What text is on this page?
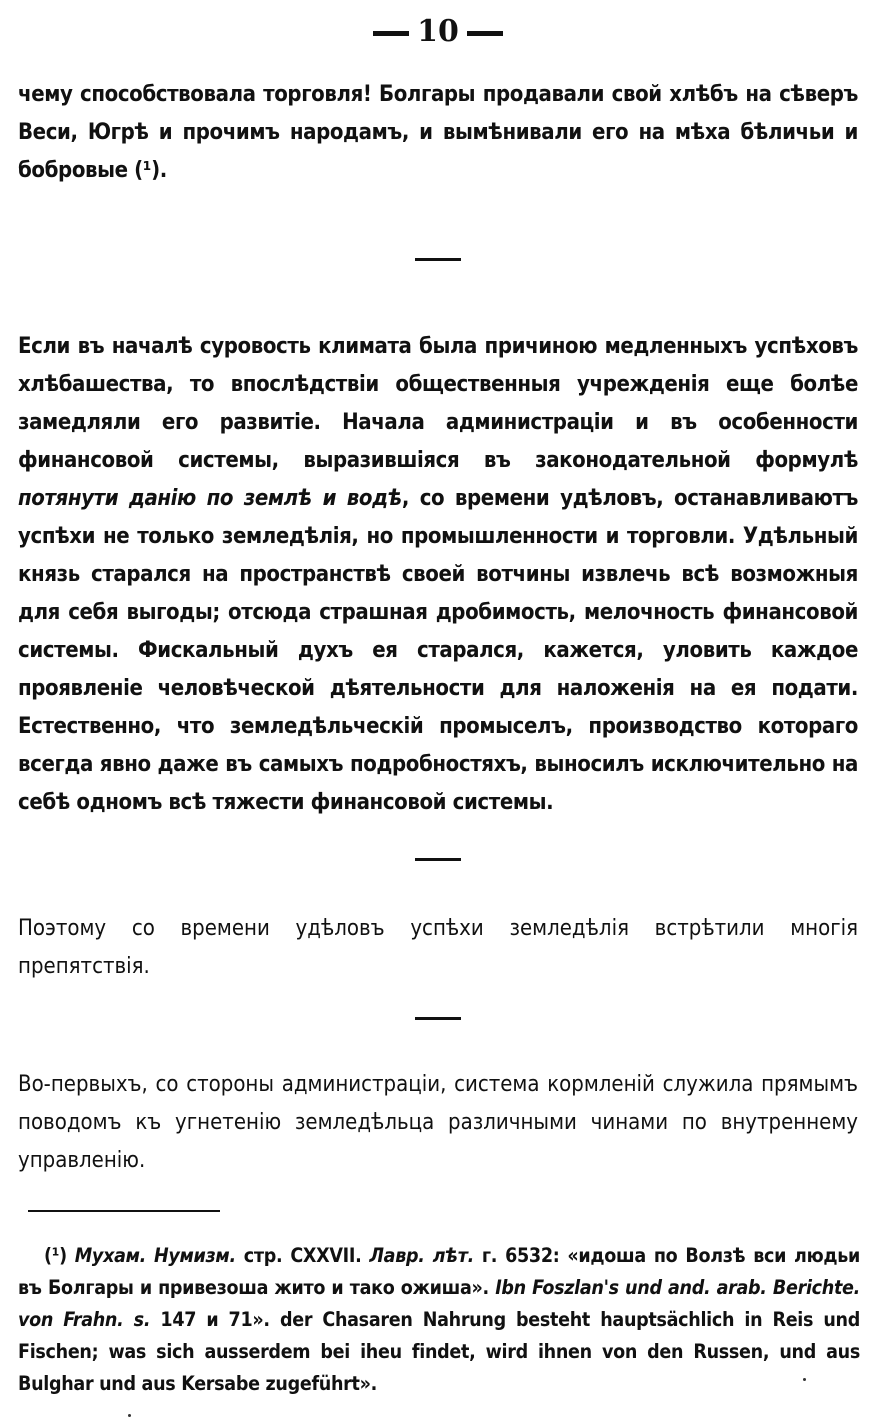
10

чему способствовала торговля! Болгары продавали свой хлѣбъ на сѣверъ Веси, Югрѣ и прочимъ народамъ, и вымѣнивали его на мѣха бѣличьи и бобровые (¹).

Если въ началѣ суровость климата была причиною медленныхъ успѣховъ хлѣбашества, то впослѣдствіи общественныя учрежденія еще болѣе замедляли его развитіе. Начала администраціи и въ особенности финансовой системы, выразившіяся въ законодательной формулѣ потянути данію по землѣ и водѣ, со времени удѣловъ, останавливаютъ успѣхи не только земледѣлія, но промышленности и торговли. Удѣльный князь старался на пространствѣ своей вотчины извлечь всѣ возможныя для себя выгоды; отсюда страшная дробимость, мелочность финансовой системы. Фискальный духъ ея старался, кажется, уловить каждое проявленіе человѣческой дѣятельности для наложенія на ея подати. Естественно, что земледѣльческій промыселъ, производство котораго всегда явно даже въ самыхъ подробностяхъ, выносилъ исключительно на себѣ одномъ всѣ тяжести финансовой системы.

Поэтому со времени удѣловъ успѣхи земледѣлія встрѣтили многія препятствія.

Во-первыхъ, со стороны администраціи, система кормленій служила прямымъ поводомъ къ угнетенію земледѣльца различными чинами по внутреннему управленію.

(¹) Мухам. Нумизм. стр. CXXVII. Лавр. лѣт. г. 6532: «идоша по Волзѣ вси людьи въ Болгары и привезоша жито и тако ожиша». Ibn Foszlan's und and. arab. Berichte. von Frahn. s. 147 и 71». der Chasaren Nahrung besteht hauptsächlich in Reis und Fischen; was sich ausserdem bei iheu findet, wird ihnen von den Russen, und aus Bulghar und aus Kersabe zugeführt».
